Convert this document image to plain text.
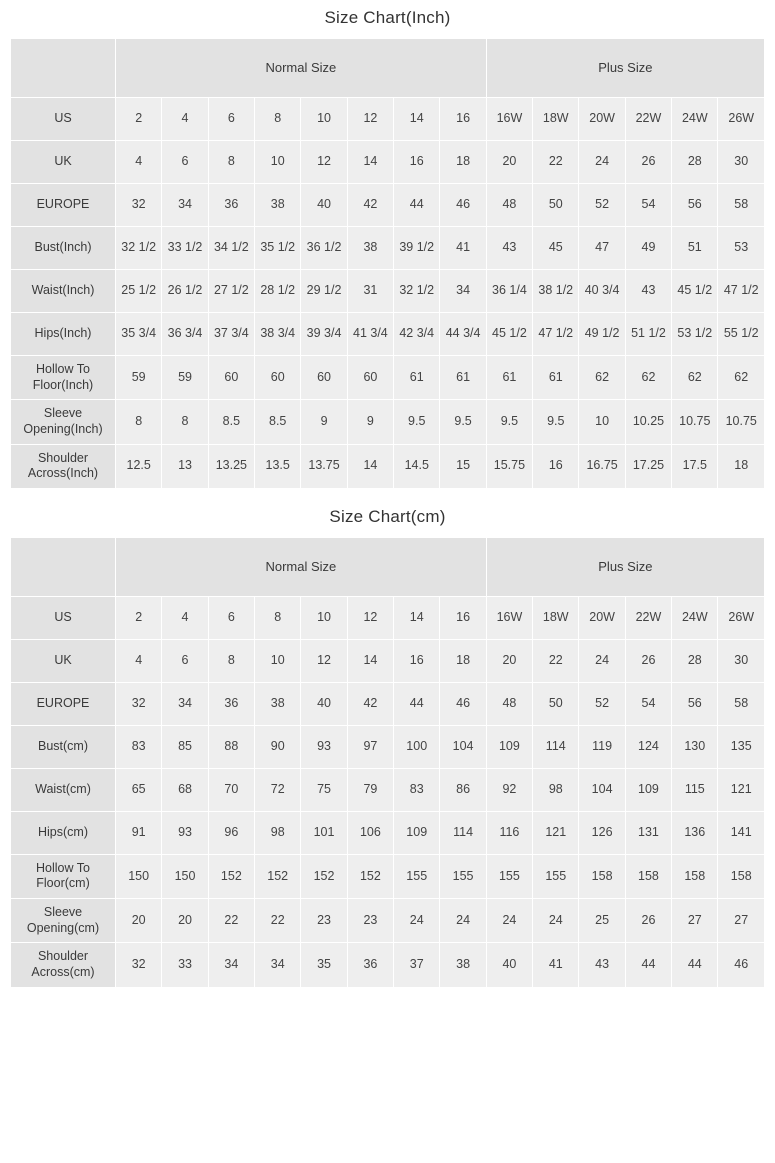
Size Chart(Inch)
	Normal Size								Plus Size					
US	2	4	6	8	10	12	14	16	16W	18W	20W	22W	24W	26W
UK	4	6	8	10	12	14	16	18	20	22	24	26	28	30
EUROPE	32	34	36	38	40	42	44	46	48	50	52	54	56	58
Bust(Inch)	32 1/2	33 1/2	34 1/2	35 1/2	36 1/2	38	39 1/2	41	43	45	47	49	51	53
Waist(Inch)	25 1/2	26 1/2	27 1/2	28 1/2	29 1/2	31	32 1/2	34	36 1/4	38 1/2	40 3/4	43	45 1/2	47 1/2
Hips(Inch)	35 3/4	36 3/4	37 3/4	38 3/4	39 3/4	41 3/4	42 3/4	44 3/4	45 1/2	47 1/2	49 1/2	51 1/2	53 1/2	55 1/2
Hollow To Floor(Inch)	59	59	60	60	60	60	61	61	61	61	62	62	62	62
Sleeve Opening(Inch)	8	8	8.5	8.5	9	9	9.5	9.5	9.5	9.5	10	10.25	10.75	10.75
Shoulder Across(Inch)	12.5	13	13.25	13.5	13.75	14	14.5	15	15.75	16	16.75	17.25	17.5	18
Size Chart(cm)
	Normal Size								Plus Size					
US	2	4	6	8	10	12	14	16	16W	18W	20W	22W	24W	26W
UK	4	6	8	10	12	14	16	18	20	22	24	26	28	30
EUROPE	32	34	36	38	40	42	44	46	48	50	52	54	56	58
Bust(cm)	83	85	88	90	93	97	100	104	109	114	119	124	130	135
Waist(cm)	65	68	70	72	75	79	83	86	92	98	104	109	115	121
Hips(cm)	91	93	96	98	101	106	109	114	116	121	126	131	136	141
Hollow To Floor(cm)	150	150	152	152	152	152	155	155	155	155	158	158	158	158
Sleeve Opening(cm)	20	20	22	22	23	23	24	24	24	24	25	26	27	27
Shoulder Across(cm)	32	33	34	34	35	36	37	38	40	41	43	44	44	46
